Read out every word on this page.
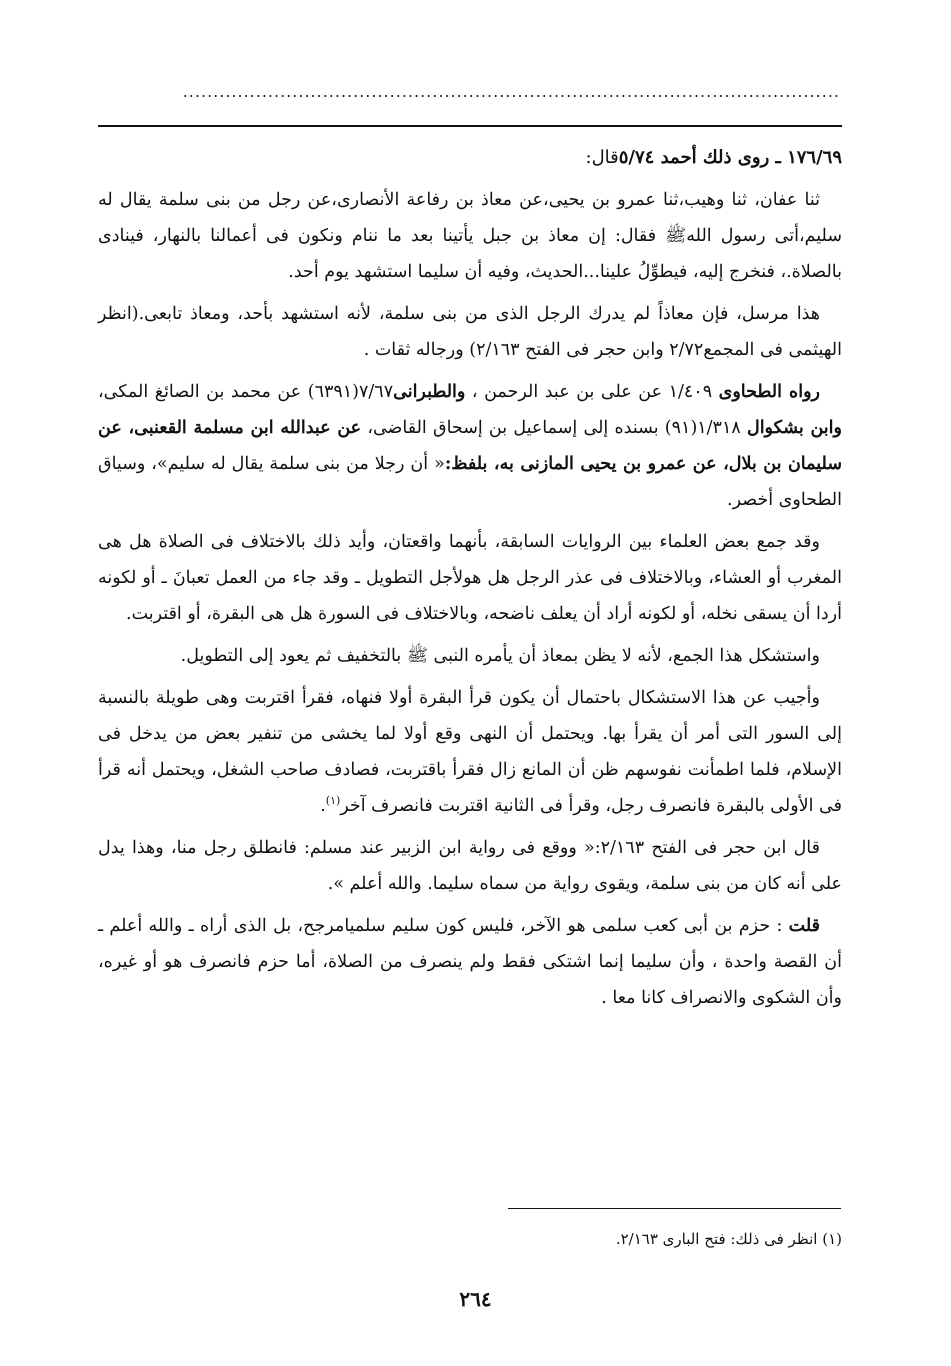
............................................................................................................

١٧٦/٦٩ ـ روى ذلك أحمد ٥/٧٤قال:

ثنا عفان، ثنا وهيب،ثنا عمرو بن يحيى،عن معاذ بن رفاعة الأنصارى،عن رجل من بنى سلمة يقال له سليم،أتى رسول اللهﷺ فقال: إن معاذ بن جبل يأتينا بعد ما ننام ونكون فى أعمالنا بالنهار، فينادى بالصلاة.، فنخرج إليه، فيطوِّلُ علينا...الحديث، وفيه أن سليما استشهد يوم أحد.

هذا مرسل، فإن معاذاً لم يدرك الرجل الذى من بنى سلمة، لأنه استشهد بأحد، ومعاذ تابعى.(انظر الهيثمى فى المجمع٢/٧٢ وابن حجر فى الفتح ٢/١٦٣) ورجاله ثقات .

رواه الطحاوى ١/٤٠٩ عن على بن عبد الرحمن ، والطبرانى٧/٦٧(٦٣٩١) عن محمد بن الصائغ المكى، وابن بشكوال ١/٣١٨(٩١) بسنده إلى إسماعيل بن إسحاق القاضى، عن عبدالله ابن مسلمة القعنبى، عن سليمان بن بلال، عن عمرو بن يحيى المازنى به، بلفظ:« أن رجلا من بنى سلمة يقال له سليم»، وسياق الطحاوى أخصر.

وقد جمع بعض العلماء بين الروايات السابقة، بأنهما واقعتان، وأيد ذلك بالاختلاف فى الصلاة هل هى المغرب أو العشاء، وبالاختلاف فى عذر الرجل هل هولأجل التطويل ـ وقد جاء من العمل تعبانَ ـ أو لكونه أردا أن يسقى نخله، أو لكونه أراد أن يعلف ناضحه، وبالاختلاف فى السورة هل هى البقرة، أو اقتربت.

واستشكل هذا الجمع، لأنه لا يظن بمعاذ أن يأمره النبى ﷺ بالتخفيف ثم يعود إلى التطويل.

وأجيب عن هذا الاستشكال باحتمال أن يكون قرأ البقرة أولا فنهاه، فقرأ اقتربت وهى طويلة بالنسبة إلى السور التى أمر أن يقرأ بها. ويحتمل أن النهى وقع أولا لما يخشى من تنفير بعض من يدخل فى الإسلام، فلما اطمأنت نفوسهم ظن أن المانع زال فقرأ باقتربت، فصادف صاحب الشغل، ويحتمل أنه قرأ فى الأولى بالبقرة فانصرف رجل، وقرأ فى الثانية اقتربت فانصرف آخر$^{(١)}$.

قال ابن حجر فى الفتح ٢/١٦٣:« ووقع فى رواية ابن الزبير عند مسلم: فانطلق رجل منا، وهذا يدل على أنه كان من بنى سلمة، ويقوى رواية من سماه سليما. والله أعلم ».

قلت : حزم بن أبى كعب سلمى هو الآخر، فليس كون سليم سلميامرجح، بل الذى أراه ـ والله أعلم ـ أن القصة واحدة ، وأن سليما إنما اشتكى فقط ولم ينصرف من الصلاة، أما حزم فانصرف هو أو غيره، وأن الشكوى والانصراف كانا معا .

(١) انظر فى ذلك: فتح البارى ٢/١٦٣.
٢٦٤
